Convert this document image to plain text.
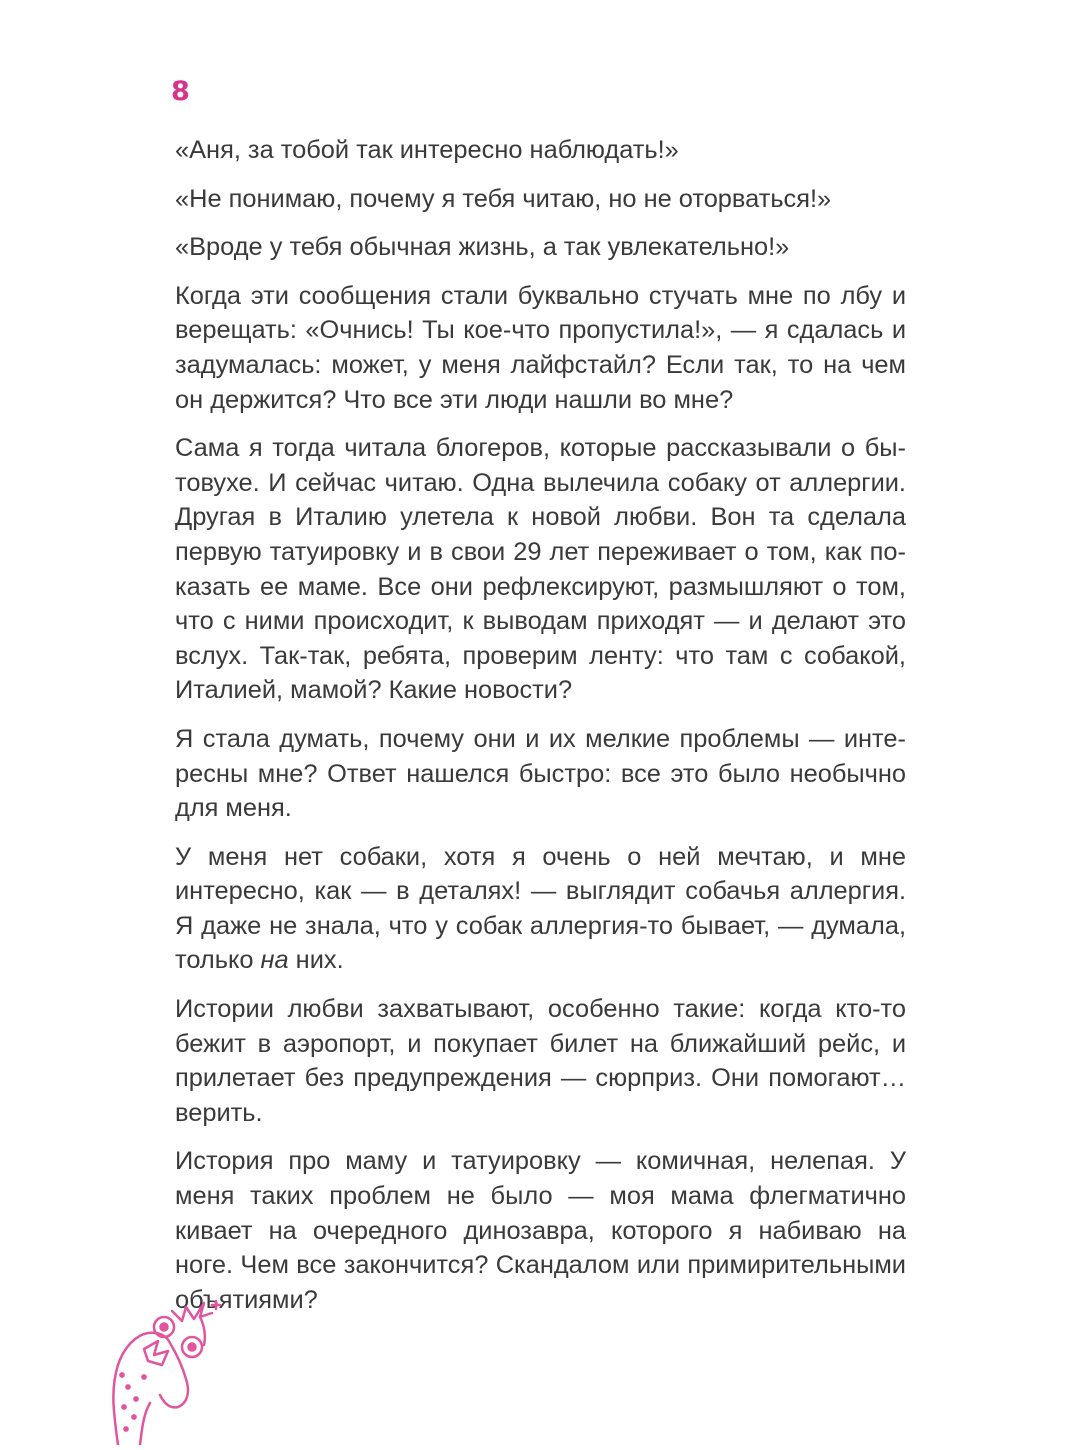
8

«Аня, за тобой так интересно наблюдать!»

«Не понимаю, почему я тебя читаю, но не оторваться!»

«Вроде у тебя обычная жизнь, а так увлекательно!»

Когда эти сообщения стали буквально стучать мне по лбу и верещать: «Очнись! Ты кое-что пропустила!», — я сдалась и задумалась: может, у меня лайфстайл? Если так, то на чем он держится? Что все эти люди нашли во мне?

Сама я тогда читала блогеров, которые рассказывали о бытовухе. И сейчас читаю. Одна вылечила собаку от аллергии. Другая в Италию улетела к новой любви. Вон та сделала первую татуировку и в свои 29 лет переживает о том, как показать ее маме. Все они рефлексируют, размышляют о том, что с ними происходит, к выводам приходят — и делают это вслух. Так-так, ребята, проверим ленту: что там с собакой, Италией, мамой? Какие новости?

Я стала думать, почему они и их мелкие проблемы — интересны мне? Ответ нашелся быстро: все это было необычно для меня.

У меня нет собаки, хотя я очень о ней мечтаю, и мне интересно, как — в деталях! — выглядит собачья аллергия. Я даже не знала, что у собак аллергия-то бывает, — думала, только на них.

Истории любви захватывают, особенно такие: когда кто-то бежит в аэропорт, и покупает билет на ближайший рейс, и прилетает без предупреждения — сюрприз. Они помогают… верить.

История про маму и татуировку — комичная, нелепая. У меня таких проблем не было — моя мама флегматично кивает на очередного динозавра, которого я набиваю на ноге. Чем все закончится? Скандалом или примирительными объятиями?
